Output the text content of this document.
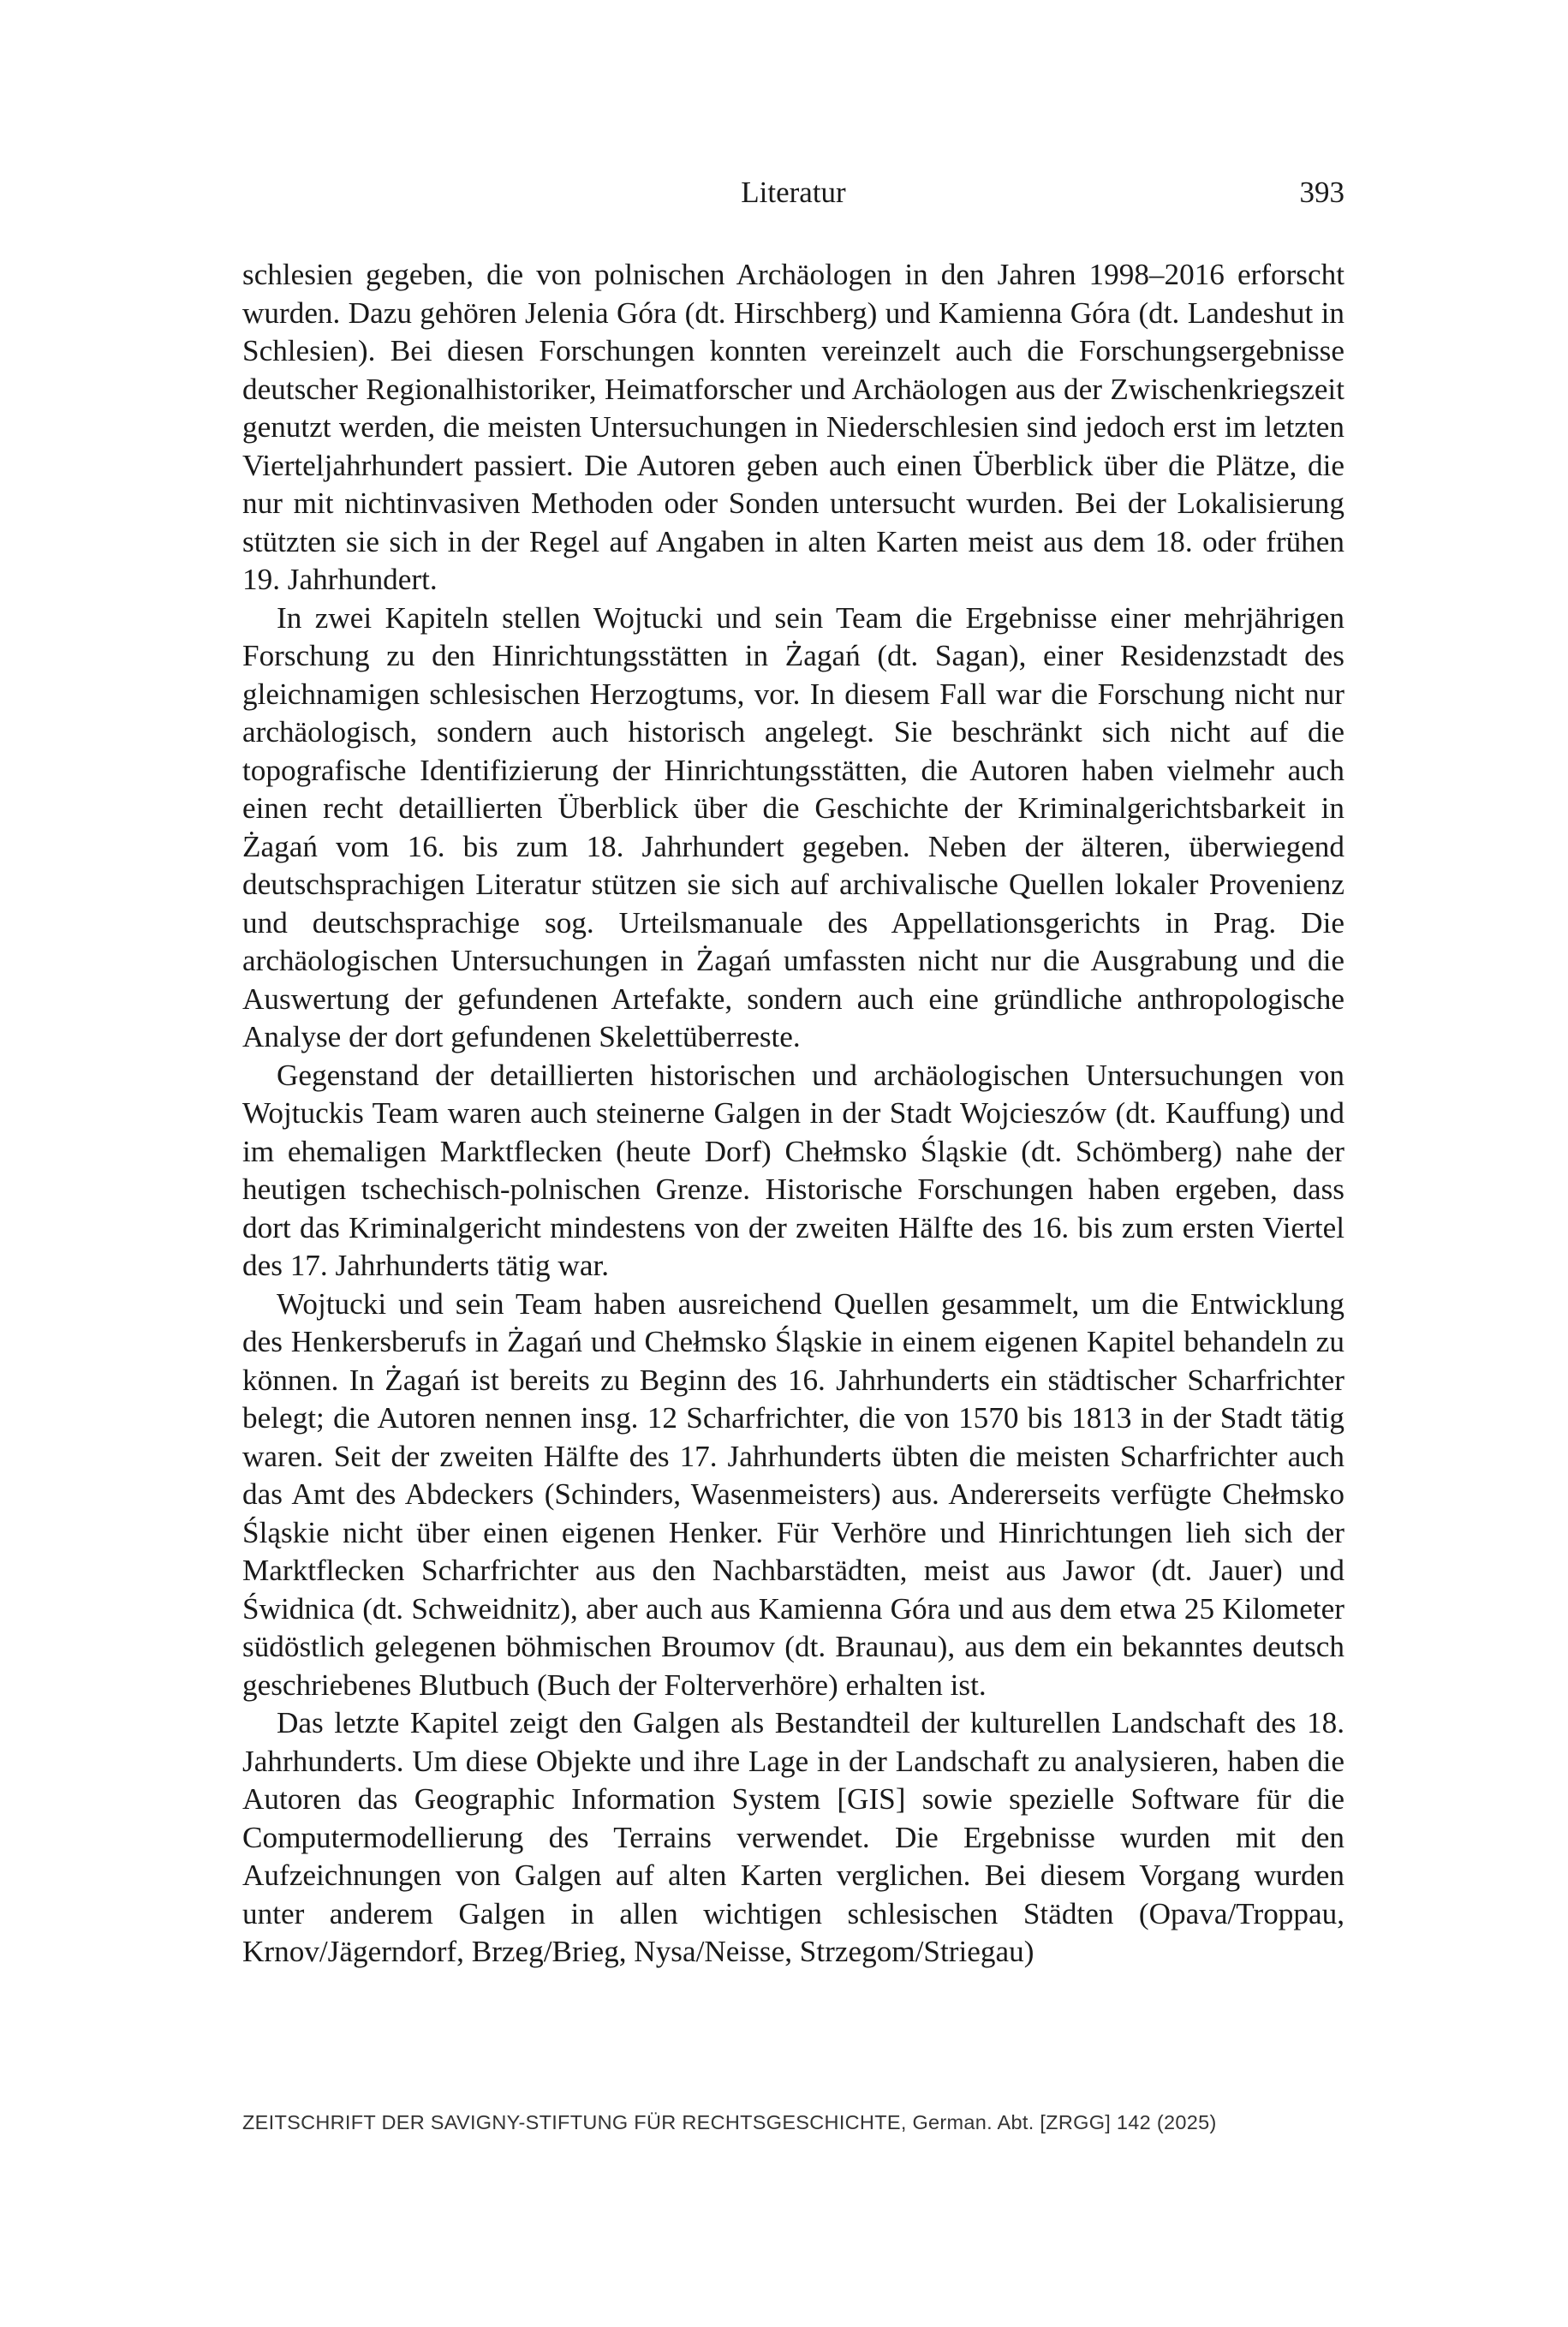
Literatur	393

schlesien gegeben, die von polnischen Archäologen in den Jahren 1998–2016 erforscht wurden. Dazu gehören Jelenia Góra (dt. Hirschberg) und Kamienna Góra (dt. Landeshut in Schlesien). Bei diesen Forschungen konnten vereinzelt auch die Forschungsergebnisse deutscher Regionalhistoriker, Heimatforscher und Archäologen aus der Zwischenkriegszeit genutzt werden, die meisten Untersuchungen in Niederschlesien sind jedoch erst im letzten Vierteljahrhundert passiert. Die Autoren geben auch einen Überblick über die Plätze, die nur mit nichtinvasiven Methoden oder Sonden untersucht wurden. Bei der Lokalisierung stützten sie sich in der Regel auf Angaben in alten Karten meist aus dem 18. oder frühen 19. Jahrhundert.

In zwei Kapiteln stellen Wojtucki und sein Team die Ergebnisse einer mehrjährigen Forschung zu den Hinrichtungsstätten in Żagań (dt. Sagan), einer Residenzstadt des gleichnamigen schlesischen Herzogtums, vor. In diesem Fall war die Forschung nicht nur archäologisch, sondern auch historisch angelegt. Sie beschränkt sich nicht auf die topografische Identifizierung der Hinrichtungsstätten, die Autoren haben vielmehr auch einen recht detaillierten Überblick über die Geschichte der Kriminalgerichtsbarkeit in Żagań vom 16. bis zum 18. Jahrhundert gegeben. Neben der älteren, überwiegend deutschsprachigen Literatur stützen sie sich auf archivalische Quellen lokaler Provenienz und deutschsprachige sog. Urteilsmanuale des Appellationsgerichts in Prag. Die archäologischen Untersuchungen in Żagań umfassten nicht nur die Ausgrabung und die Auswertung der gefundenen Artefakte, sondern auch eine gründliche anthropologische Analyse der dort gefundenen Skelettüberreste.

Gegenstand der detaillierten historischen und archäologischen Untersuchungen von Wojtuckis Team waren auch steinerne Galgen in der Stadt Wojcieszów (dt. Kauffung) und im ehemaligen Marktflecken (heute Dorf) Chełmsko Śląskie (dt. Schömberg) nahe der heutigen tschechisch-polnischen Grenze. Historische Forschungen haben ergeben, dass dort das Kriminalgericht mindestens von der zweiten Hälfte des 16. bis zum ersten Viertel des 17. Jahrhunderts tätig war.

Wojtucki und sein Team haben ausreichend Quellen gesammelt, um die Entwicklung des Henkersberufs in Żagań und Chełmsko Śląskie in einem eigenen Kapitel behandeln zu können. In Żagań ist bereits zu Beginn des 16. Jahrhunderts ein städtischer Scharfrichter belegt; die Autoren nennen insg. 12 Scharfrichter, die von 1570 bis 1813 in der Stadt tätig waren. Seit der zweiten Hälfte des 17. Jahrhunderts übten die meisten Scharfrichter auch das Amt des Abdeckers (Schinders, Wasenmeisters) aus. Andererseits verfügte Chełmsko Śląskie nicht über einen eigenen Henker. Für Verhöre und Hinrichtungen lieh sich der Marktflecken Scharfrichter aus den Nachbarstädten, meist aus Jawor (dt. Jauer) und Świdnica (dt. Schweidnitz), aber auch aus Kamienna Góra und aus dem etwa 25 Kilometer südöstlich gelegenen böhmischen Broumov (dt. Braunau), aus dem ein bekanntes deutsch geschriebenes Blutbuch (Buch der Folterverhöre) erhalten ist.

Das letzte Kapitel zeigt den Galgen als Bestandteil der kulturellen Landschaft des 18. Jahrhunderts. Um diese Objekte und ihre Lage in der Landschaft zu analysieren, haben die Autoren das Geographic Information System [GIS] sowie spezielle Software für die Computermodellierung des Terrains verwendet. Die Ergebnisse wurden mit den Aufzeichnungen von Galgen auf alten Karten verglichen. Bei diesem Vorgang wurden unter anderem Galgen in allen wichtigen schlesischen Städten (Opava/Troppau, Krnov/Jägerndorf, Brzeg/Brieg, Nysa/Neisse, Strzegom/Striegau)

ZEITSCHRIFT DER SAVIGNY-STIFTUNG FÜR RECHTSGESCHICHTE, German. Abt. [ZRGG] 142 (2025)
